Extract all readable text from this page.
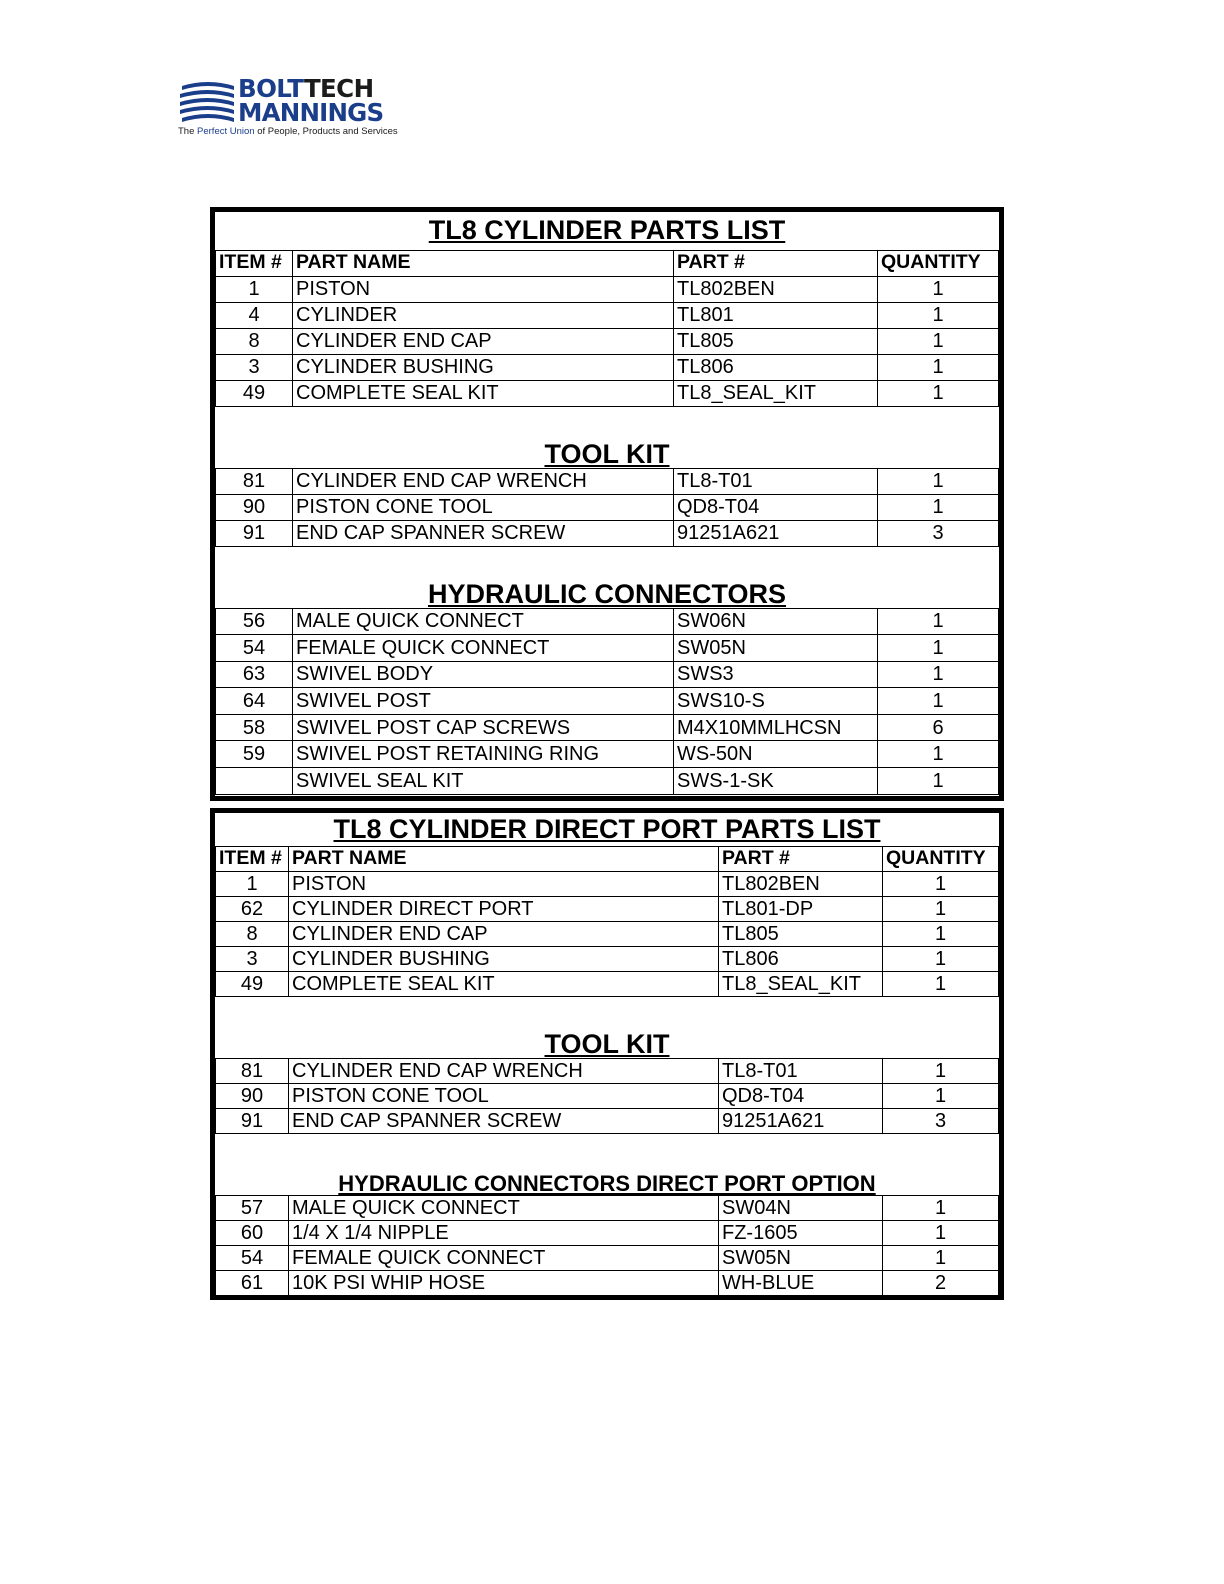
BOLTTECH
MANNINGS
The Perfect Union of People, Products and Services
TL8 CYLINDER PARTS LIST			
ITEM #	PART NAME	PART #	QUANTITY
1	PISTON	TL802BEN	1
4	CYLINDER	TL801	1
8	CYLINDER END CAP	TL805	1
3	CYLINDER BUSHING	TL806	1
49	COMPLETE SEAL KIT	TL8_SEAL_KIT	1
TOOL KIT			
81	CYLINDER END CAP WRENCH	TL8-T01	1
90	PISTON CONE TOOL	QD8-T04	1
91	END CAP SPANNER SCREW	91251A621	3
HYDRAULIC CONNECTORS			
56	MALE QUICK CONNECT	SW06N	1
54	FEMALE QUICK CONNECT	SW05N	1
63	SWIVEL BODY	SWS3	1
64	SWIVEL POST	SWS10-S	1
58	SWIVEL POST CAP SCREWS	M4X10MMLHCSN	6
59	SWIVEL POST RETAINING RING	WS-50N	1
	SWIVEL SEAL KIT	SWS-1-SK	1
TL8 CYLINDER DIRECT PORT PARTS LIST			
ITEM #	PART NAME	PART #	QUANTITY
1	PISTON	TL802BEN	1
62	CYLINDER DIRECT PORT	TL801-DP	1
8	CYLINDER END CAP	TL805	1
3	CYLINDER BUSHING	TL806	1
49	COMPLETE SEAL KIT	TL8_SEAL_KIT	1
TOOL KIT			
81	CYLINDER END CAP WRENCH	TL8-T01	1
90	PISTON CONE TOOL	QD8-T04	1
91	END CAP SPANNER SCREW	91251A621	3
HYDRAULIC CONNECTORS DIRECT PORT OPTION			
57	MALE QUICK CONNECT	SW04N	1
60	1/4 X 1/4 NIPPLE	FZ-1605	1
54	FEMALE QUICK CONNECT	SW05N	1
61	10K PSI WHIP HOSE	WH-BLUE	2
